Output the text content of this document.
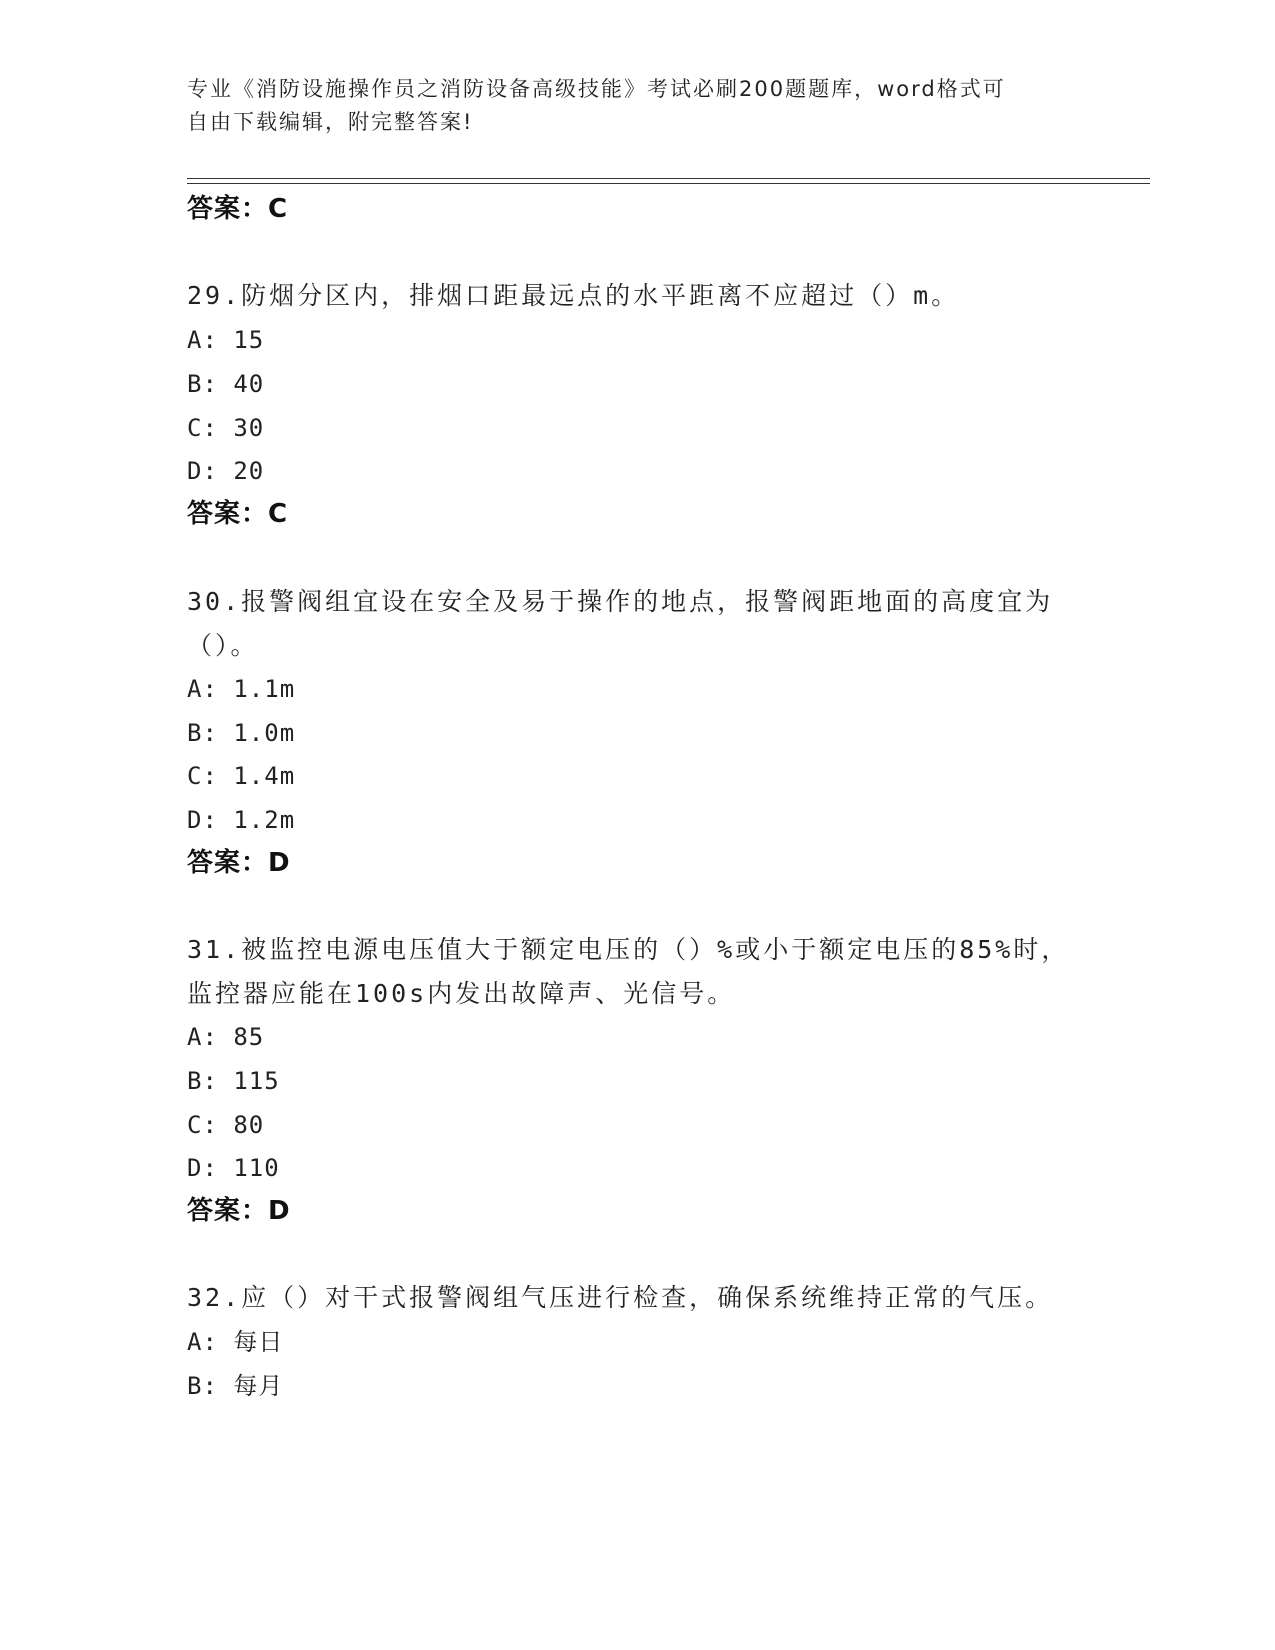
专业《消防设施操作员之消防设备高级技能》考试必刷200题题库，word格式可
自由下载编辑，附完整答案!
答案：C
29.防烟分区内，排烟口距最远点的水平距离不应超过（）m。
A: 15
B: 40
C: 30
D: 20
答案：C
30.报警阀组宜设在安全及易于操作的地点，报警阀距地面的高度宜为
（）。
A: 1.1m
B: 1.0m
C: 1.4m
D: 1.2m
答案：D
31.被监控电源电压值大于额定电压的（）%或小于额定电压的85%时，
监控器应能在100s内发出故障声、光信号。
A: 85
B: 115
C: 80
D: 110
答案：D
32.应（）对干式报警阀组气压进行检查，确保系统维持正常的气压。
A: 每日
B: 每月
